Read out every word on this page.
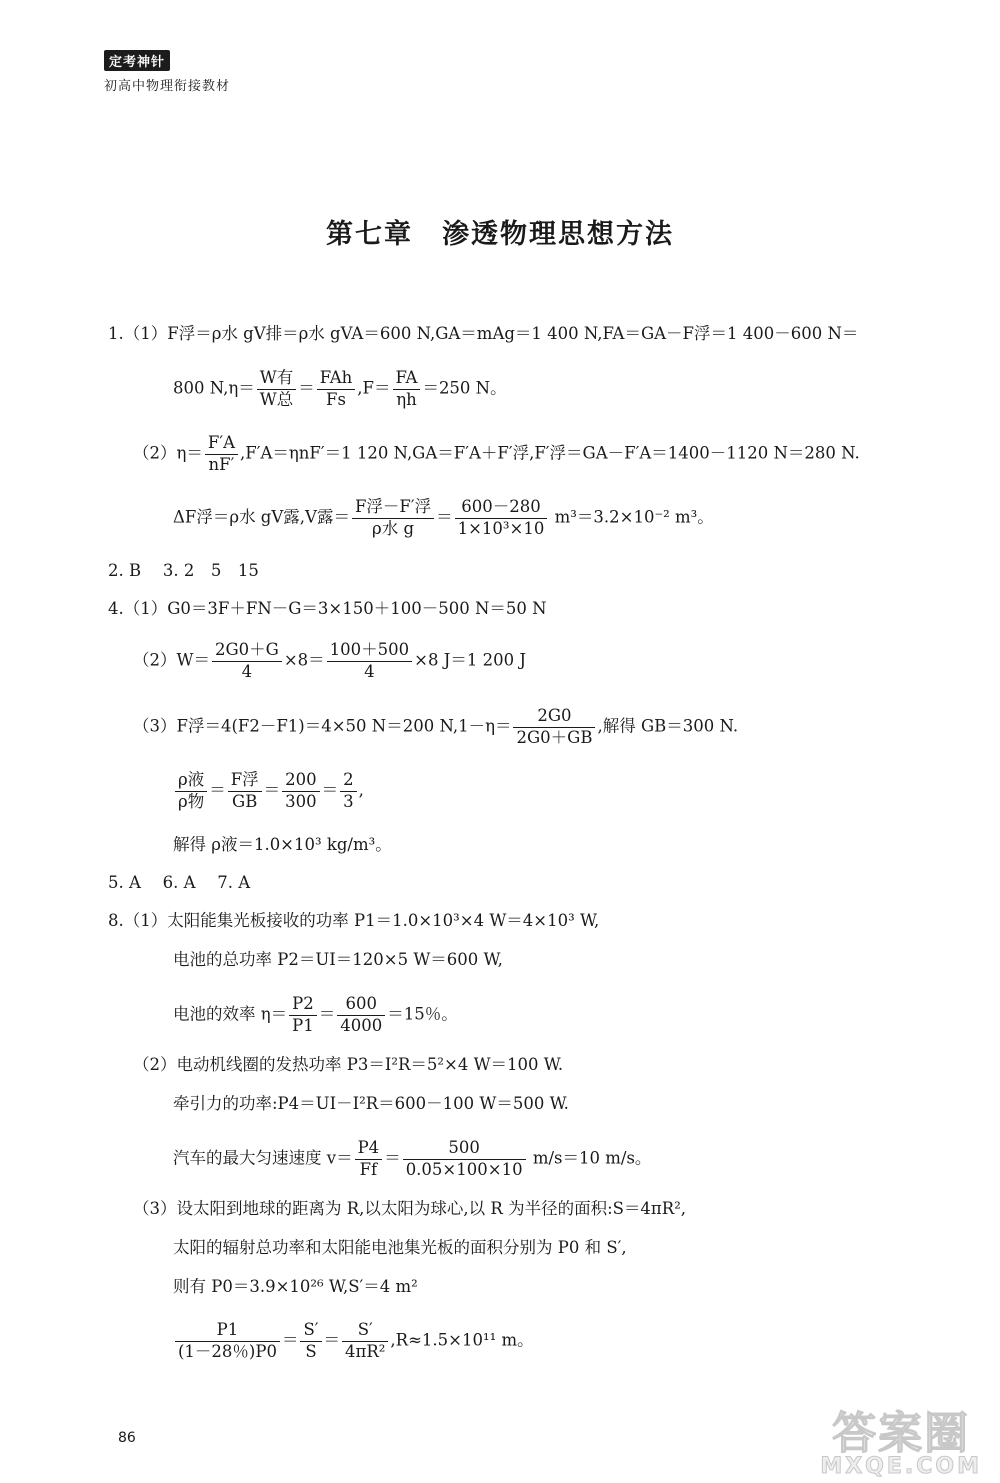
定考神针
初高中物理衔接教材
第七章　渗透物理思想方法
1.（1）F浮＝ρ水 gV排＝ρ水 gVA＝600 N,GA＝mAg＝1 400 N,FA＝GA－F浮＝1 400－600 N＝
800 $N,\eta= \frac{\text{W有}}{\text{W总}} = \frac{\text{FAh}}{Fs} ,F= \frac{FA}{\eta h} =250$ N。
$(2)\eta= \frac{F'A}{nF'} ,F'A=\eta nF'=1$ 120 N,GA＝F′A＋F′浮,F′浮＝GA－F′A＝1400－1120 N＝280 N.
ΔF浮＝ρ水 gV露,V露＝ $\frac{\text{F浮－F′浮}}{\text{ρ水 g}} = \frac{600-280}{\text{1×10³×10}} m^3=3.2\times 10^{-2}$ m³。
2. B　 3. 2　5　15
4.（1）G0＝3F＋FN－G＝3×150＋100－500 N＝50 N
$(2)W= \frac{2G0+G}{4} \times 8= \frac{100+500}{4} \times 8$ J＝1 200 J
（3）F浮＝4(F2－F1)＝4×50 N＝200 $N,1-\eta= \frac{2G0}{2G0+GB}$ ,解得 GB＝300 N.
$\frac{\text{ρ液}}{\text{ρ物}} = \frac{\text{F浮}}{GB} = \frac{200}{300} = \frac{2}{3}$ ,
解得 ρ液＝1.0×10³ kg/m³。
5. A　 6. A　 7. A
8.（1）太阳能集光板接收的功率 P1＝1.0×10³×4 W＝4×10³ W,
电池的总功率 P2＝UI＝120×5 W＝600 W,
电池的效率 $\eta= \frac{P2}{P1} = \frac{600}{4000} =15$％。
（2）电动机线圈的发热功率 P3＝I²R＝5²×4 W＝100 W.
牵引力的功率:P4＝UI－I²R＝600－100 W＝500 W.
汽车的最大匀速速度 $v= \frac{P4}{Ff} = \frac{500}{0.05\times 100\times 10} m/s=10$ m/s。
（3）设太阳到地球的距离为 R,以太阳为球心,以 R 为半径的面积:S＝4πR²,
太阳的辐射总功率和太阳能电池集光板的面积分别为 P0 和 S′,
则有 P0＝3.9×10²⁶ W,S′＝4 m²
$\frac{P1}{(1-28\%)P0} = \frac{S'}{S} = \frac{S'}{\text{4πR²}} ,R\approx 1.5\times 10^{11}$ m。
86	答案圈
MXQE.COM
